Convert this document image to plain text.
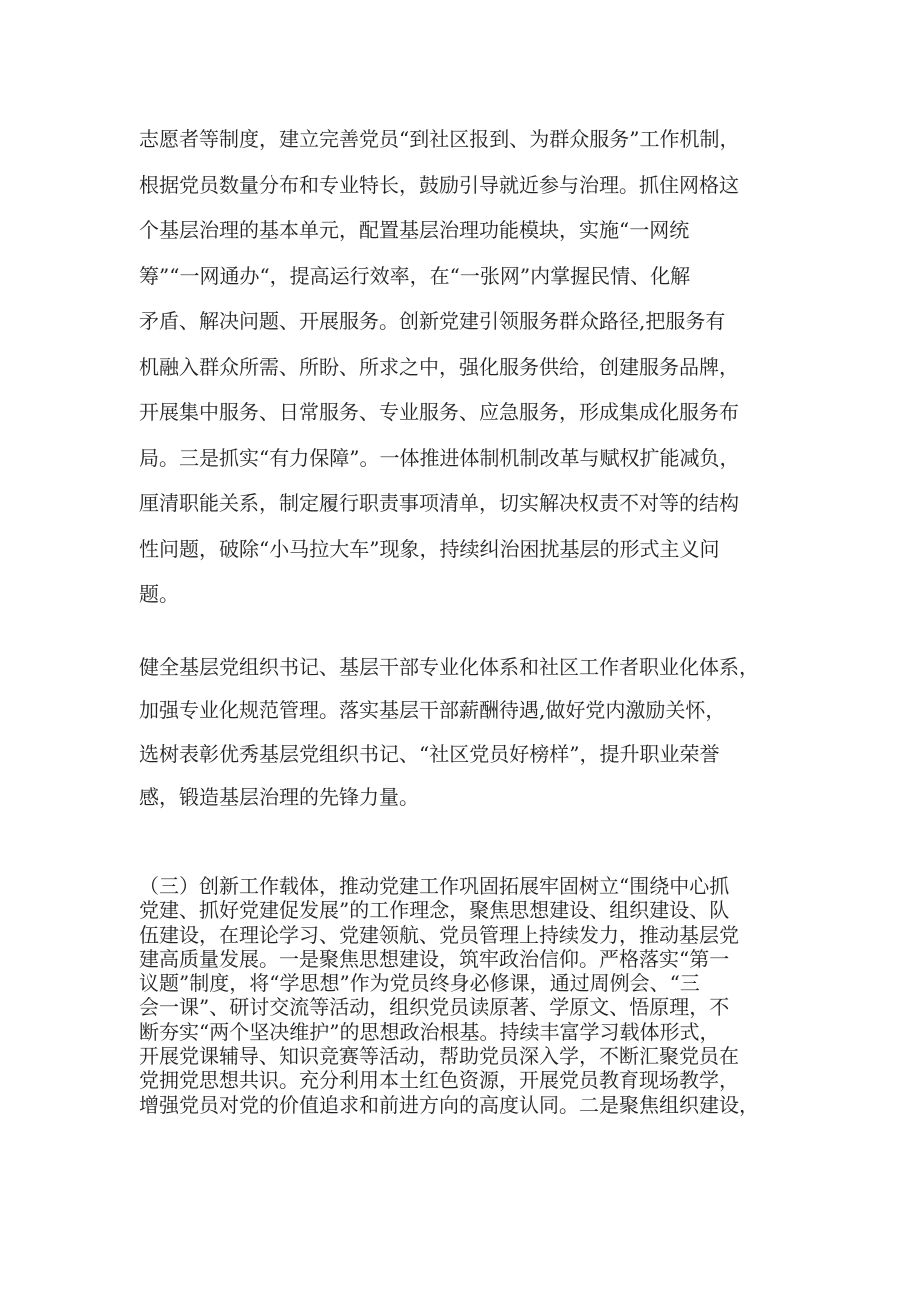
志愿者等制度，建立完善党员“到社区报到、为群众服务”工作机制，
根据党员数量分布和专业特长，鼓励引导就近参与治理。抓住网格这
个基层治理的基本单元，配置基层治理功能模块，实施“一网统
筹”“一网通办“，提高运行效率，在“一张网”内掌握民情、化解
矛盾、解决问题、开展服务。创新党建引领服务群众路径,把服务有
机融入群众所需、所盼、所求之中，强化服务供给，创建服务品牌，
开展集中服务、日常服务、专业服务、应急服务，形成集成化服务布
局。三是抓实“有力保障”。一体推进体制机制改革与赋权扩能减负，
厘清职能关系，制定履行职责事项清单，切实解决权责不对等的结构
性问题，破除“小马拉大车”现象，持续纠治困扰基层的形式主义问
题。
健全基层党组织书记、基层干部专业化体系和社区工作者职业化体系，
加强专业化规范管理。落实基层干部薪酬待遇,做好党内激励关怀，
选树表彰优秀基层党组织书记、“社区党员好榜样”，提升职业荣誉
感，锻造基层治理的先锋力量。
（三）创新工作载体，推动党建工作巩固拓展牢固树立“围绕中心抓
党建、抓好党建促发展”的工作理念，聚焦思想建设、组织建设、队
伍建设，在理论学习、党建领航、党员管理上持续发力，推动基层党
建高质量发展。一是聚焦思想建设，筑牢政治信仰。严格落实“第一
议题”制度，将“学思想”作为党员终身必修课，通过周例会、“三
会一课”、研讨交流等活动，组织党员读原著、学原文、悟原理，不
断夯实“两个坚决维护”的思想政治根基。持续丰富学习载体形式，
开展党课辅导、知识竞赛等活动，帮助党员深入学，不断汇聚党员在
党拥党思想共识。充分利用本土红色资源，开展党员教育现场教学，
增强党员对党的价值追求和前进方向的高度认同。二是聚焦组织建设，
